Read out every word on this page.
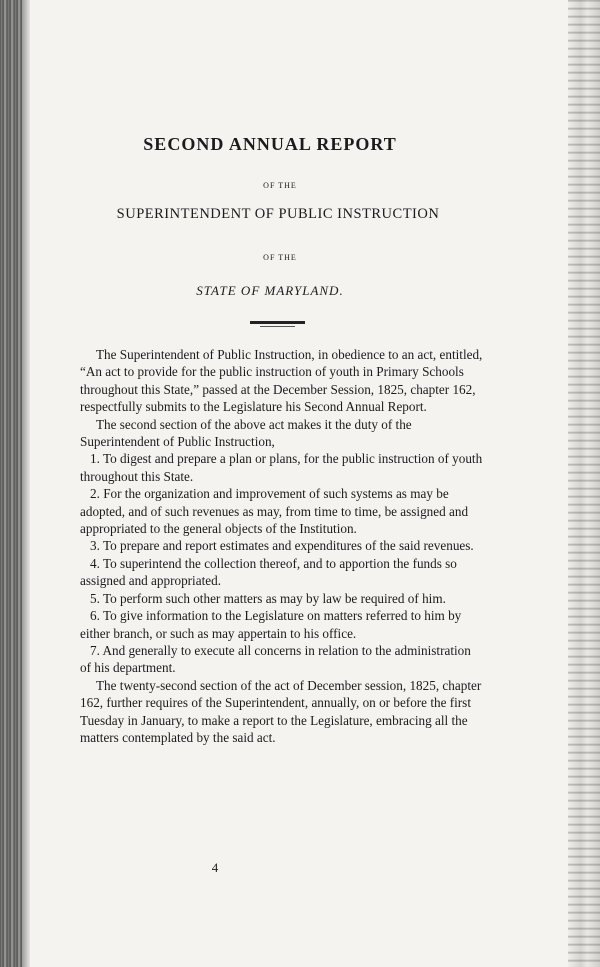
SECOND ANNUAL REPORT
OF THE
SUPERINTENDENT OF PUBLIC INSTRUCTION
OF THE
STATE OF MARYLAND.

The Superintendent of Public Instruction, in obedience to an act, entitled, “An act to provide for the public instruction of youth in Primary Schools throughout this State,” passed at the December Session, 1825, chapter 162, respectfully submits to the Legislature his Second Annual Report.

The second section of the above act makes it the duty of the Superintendent of Public Instruction,

1. To digest and prepare a plan or plans, for the public instruction of youth throughout this State.

2. For the organization and improvement of such systems as may be adopted, and of such revenues as may, from time to time, be assigned and appropriated to the general objects of the Institution.

3. To prepare and report estimates and expenditures of the said revenues.

4. To superintend the collection thereof, and to apportion the funds so assigned and appropriated.

5. To perform such other matters as may by law be required of him.

6. To give information to the Legislature on matters referred to him by either branch, or such as may appertain to his office.

7. And generally to execute all concerns in relation to the administration of his department.

The twenty-second section of the act of December session, 1825, chapter 162, further requires of the Superintendent, annually, on or before the first Tuesday in January, to make a report to the Legislature, embracing all the matters contemplated by the said act.

4
